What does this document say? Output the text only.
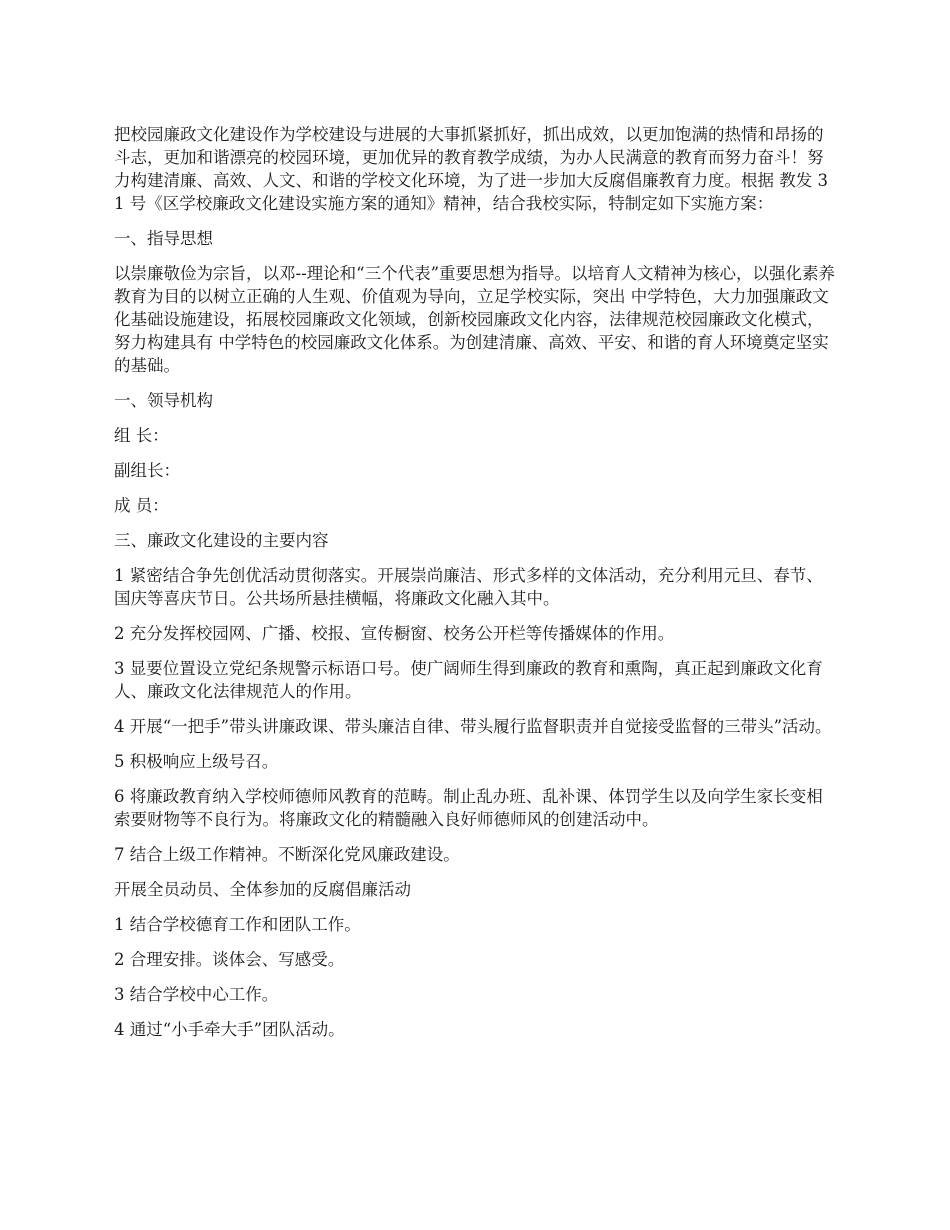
把校园廉政文化建设作为学校建设与进展的大事抓紧抓好，抓出成效，以更加饱满的热情和昂扬的斗志，更加和谐漂亮的校园环境，更加优异的教育教学成绩，为办人民满意的教育而努力奋斗！努力构建清廉、高效、人文、和谐的学校文化环境，为了进一步加大反腐倡廉教育力度。根据 教发 31 号《区学校廉政文化建设实施方案的通知》精神，结合我校实际，特制定如下实施方案：

一、指导思想

以崇廉敬俭为宗旨，以邓--理论和“三个代表”重要思想为指导。以培育人文精神为核心，以强化素养教育为目的以树立正确的人生观、价值观为导向，立足学校实际，突出 中学特色，大力加强廉政文化基础设施建设，拓展校园廉政文化领域，创新校园廉政文化内容，法律规范校园廉政文化模式，努力构建具有 中学特色的校园廉政文化体系。为创建清廉、高效、平安、和谐的育人环境奠定坚实的基础。

一、领导机构

组 长：

副组长：

成 员：

三、廉政文化建设的主要内容

1 紧密结合争先创优活动贯彻落实。开展崇尚廉洁、形式多样的文体活动，充分利用元旦、春节、国庆等喜庆节日。公共场所悬挂横幅，将廉政文化融入其中。

2 充分发挥校园网、广播、校报、宣传橱窗、校务公开栏等传播媒体的作用。

3 显要位置设立党纪条规警示标语口号。使广阔师生得到廉政的教育和熏陶，真正起到廉政文化育人、廉政文化法律规范人的作用。

4 开展“一把手”带头讲廉政课、带头廉洁自律、带头履行监督职责并自觉接受监督的三带头”活动。

5 积极响应上级号召。

6 将廉政教育纳入学校师德师风教育的范畴。制止乱办班、乱补课、体罚学生以及向学生家长变相索要财物等不良行为。将廉政文化的精髓融入良好师德师风的创建活动中。

7 结合上级工作精神。不断深化党风廉政建设。

开展全员动员、全体参加的反腐倡廉活动

1 结合学校德育工作和团队工作。

2 合理安排。谈体会、写感受。

3 结合学校中心工作。

4 通过“小手牵大手”团队活动。
